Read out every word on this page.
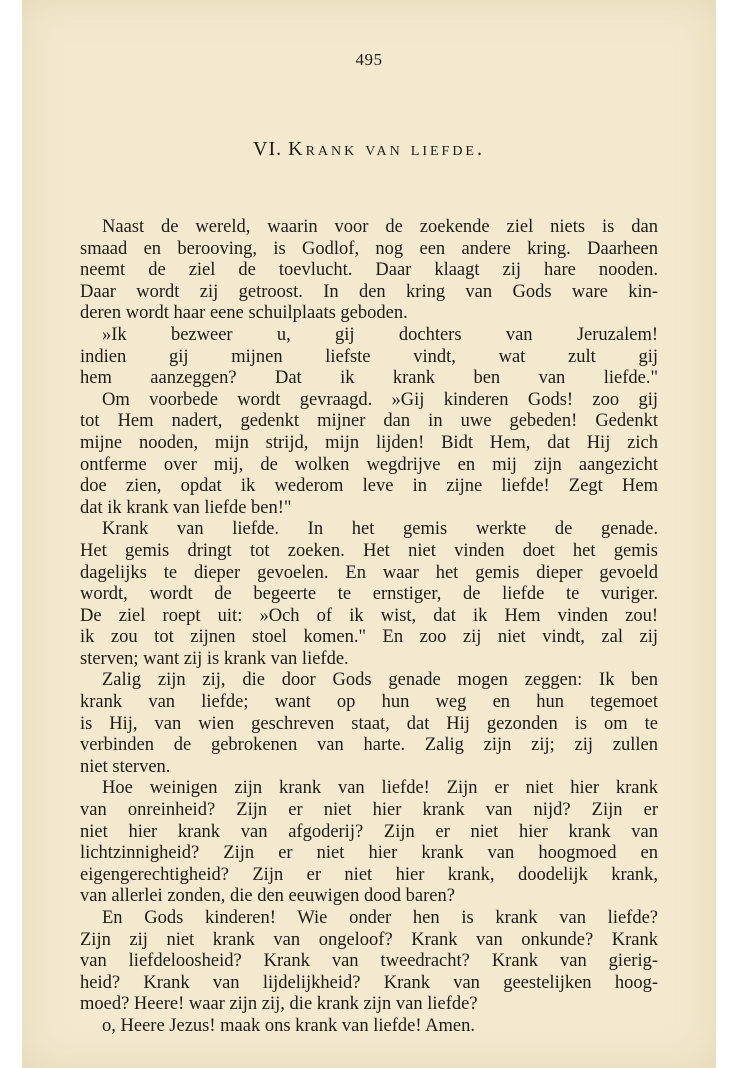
495
VI. Krank van liefde.
Naast de wereld, waarin voor de zoekende ziel niets is dan
smaad en berooving, is Godlof, nog een andere kring. Daarheen
neemt de ziel de toevlucht. Daar klaagt zij hare nooden.
Daar wordt zij getroost. In den kring van Gods ware kin-
deren wordt haar eene schuilplaats geboden.
»Ik bezweer u, gij dochters van Jeruzalem!
indien gij mijnen liefste vindt, wat zult gij
hem aanzeggen? Dat ik krank ben van liefde."
Om voorbede wordt gevraagd. »Gij kinderen Gods! zoo gij
tot Hem nadert, gedenkt mijner dan in uwe gebeden! Gedenkt
mijne nooden, mijn strijd, mijn lijden! Bidt Hem, dat Hij zich
ontferme over mij, de wolken wegdrijve en mij zijn aangezicht
doe zien, opdat ik wederom leve in zijne liefde! Zegt Hem
dat ik krank van liefde ben!"
Krank van liefde. In het gemis werkte de genade.
Het gemis dringt tot zoeken. Het niet vinden doet het gemis
dagelijks te dieper gevoelen. En waar het gemis dieper gevoeld
wordt, wordt de begeerte te ernstiger, de liefde te vuriger.
De ziel roept uit: »Och of ik wist, dat ik Hem vinden zou!
ik zou tot zijnen stoel komen." En zoo zij niet vindt, zal zij
sterven; want zij is krank van liefde.
Zalig zijn zij, die door Gods genade mogen zeggen: Ik ben
krank van liefde; want op hun weg en hun tegemoet
is Hij, van wien geschreven staat, dat Hij gezonden is om te
verbinden de gebrokenen van harte. Zalig zijn zij; zij zullen
niet sterven.
Hoe weinigen zijn krank van liefde! Zijn er niet hier krank
van onreinheid? Zijn er niet hier krank van nijd? Zijn er
niet hier krank van afgoderij? Zijn er niet hier krank van
lichtzinnigheid? Zijn er niet hier krank van hoogmoed en
eigengerechtigheid? Zijn er niet hier krank, doodelijk krank,
van allerlei zonden, die den eeuwigen dood baren?
En Gods kinderen! Wie onder hen is krank van liefde?
Zijn zij niet krank van ongeloof? Krank van onkunde? Krank
van liefdeloosheid? Krank van tweedracht? Krank van gierig-
heid? Krank van lijdelijkheid? Krank van geestelijken hoog-
moed? Heere! waar zijn zij, die krank zijn van liefde?
o, Heere Jezus! maak ons krank van liefde! Amen.
